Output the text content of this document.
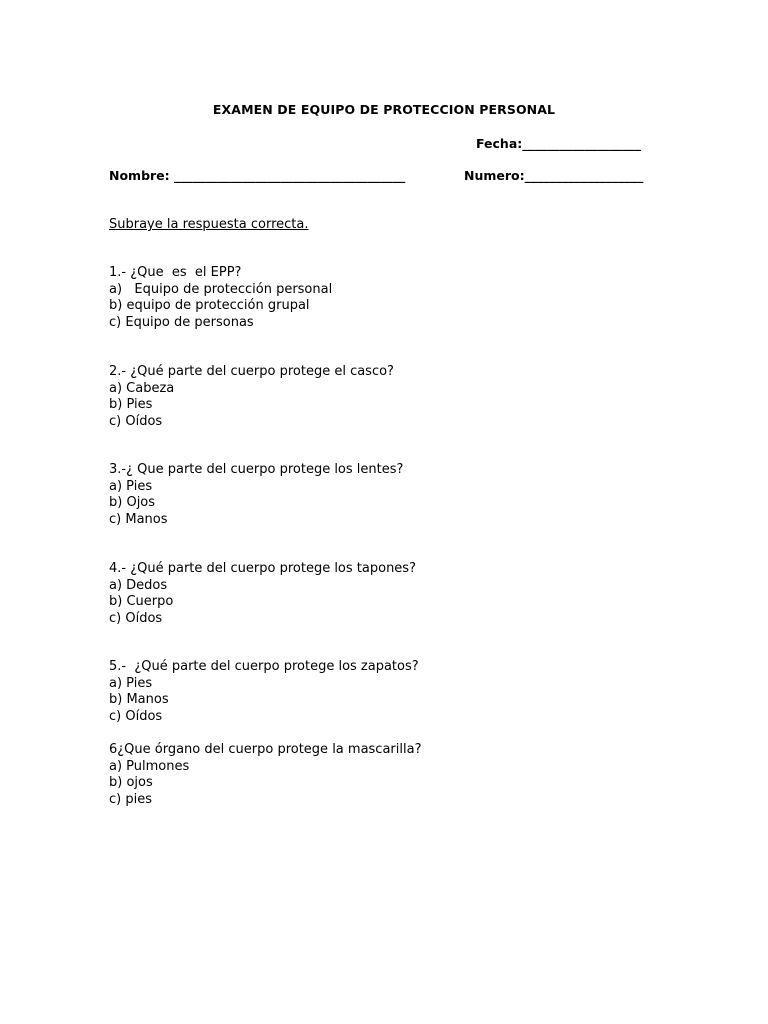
EXAMEN DE EQUIPO DE PROTECCION PERSONAL
Fecha:___________________
Nombre: _____________________________________	Numero:___________________
Subraye la respuesta correcta.
1.- ¿Que  es  el EPP?
a)   Equipo de protección personal
b) equipo de protección grupal
c) Equipo de personas
2.- ¿Qué parte del cuerpo protege el casco?
a) Cabeza
b) Pies
c) Oídos
3.-¿ Que parte del cuerpo protege los lentes?
a) Pies
b) Ojos
c) Manos
4.- ¿Qué parte del cuerpo protege los tapones?
a) Dedos
b) Cuerpo
c) Oídos
5.-  ¿Qué parte del cuerpo protege los zapatos?
a) Pies
b) Manos
c) Oídos
6¿Que órgano del cuerpo protege la mascarilla?
a) Pulmones
b) ojos
c) pies
